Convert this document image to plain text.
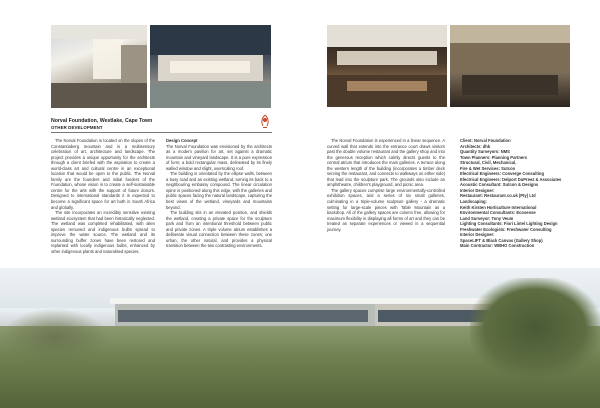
Norval Foundation, Westlake, Cape Town
OTHER DEVELOPMENT

The Norval Foundation is located on the slopes of the Constantiaberg mountain and is a multisensory celebration of art, architecture and landscape. The project provides a unique opportunity for the architects through a client briefed with the aspiration to create a world-class art and cultural centre in an exceptional location that would be open to the public. The Norval family are the founders and initial funders of the Foundation, whose vision is to create a self-sustainable centre for the arts with the support of future donors. Designed to international standards it is expected to become a significant space for art both in South Africa and globally.

The site incorporates an incredibly sensitive existing wetland ecosystem that had been historically neglected. The wetland was completed rehabilitated, with alien species removed and indigenous bulbs spread to improve the water source. The wetland and its surrounding buffer zones have been restored and replanted with locally indigenous bulbs, enhanced by other indigenous plants and naturalised species.

Design Concept

The Norval Foundation was envisioned by the architects as a modern pavilion for art, set against a dramatic mountain and vineyard landscape. It is a pure expression of form; a bold rectangular mass, delineated by its finely walled window and slight, overscaling roof.

The building is orientated by the ellipse walls, between a busy road and an existing wetland, turning its back to a neighbouring embassy compound. The linear circulation spine is positioned along this edge, with the galleries and public spaces facing the natural landscape, capturing the best views of the wetland, vineyards and mountains beyond.

The building sits in an elevated position, and shields the wetland, creating a private space for the sculpture park and from an intentional threshold between public and private zones. A triple volume atrium establishes a deliberate visual connection between these zones; one urban, the other natural, and provides a physical transition between the two contrasting environments.

The Norval Foundation is experienced in a linear sequence. A curved wall that extends into the entrance court draws visitors past the double volume restaurant and the gallery shop and into the generous reception which calmly directs guests to the central atrium that introduces the main galleries. A terrace along the western length of the building (incorporates a timber deck serving the restaurant, and connects to walkways on either side) that lead into the sculpture park. The grounds also include an amphitheatre, children's playground, and picnic area.

The gallery spaces comprise large environmentally-controlled exhibition spaces, and a series of six small galleries, culminating in a triple-volume sculpture gallery - a dramatic setting for large-scale pieces with Table Mountain as a backdrop. All of the gallery spaces are column free, allowing for maximum flexibility in displaying all forms of art and they can be treated as separate experiences or viewed in a sequential journey.

Client: Norval Foundation

Architects: dhk

Quantity Surveyors: NMS

Town Planners: Planning Partners

Structural, Civil, Mechanical,

Fire & Wet Services: Sutcon

Electrical Engineers: Converge Consulting

Electrical Engineers: Delport DuPreez & Associates

Acoustic Consultant: Sutcon & Designs

Interior Designer:

Restaurant: Restaurant.co.uk (Pty) Ltd

Landscaping:

Keith Kirsten Horticulture International

Environmental Consultants: Ecosense

Land Surveyor: Tony Veum

Lighting Consultants: Fiori Lintel Lighting Design

Freshwater Ecologists: Freshwater Consulting

Interior Designer:

SpaceLIFT & Black Canvas (Gallery Shop)

Main Contractor: WBHO Construction
